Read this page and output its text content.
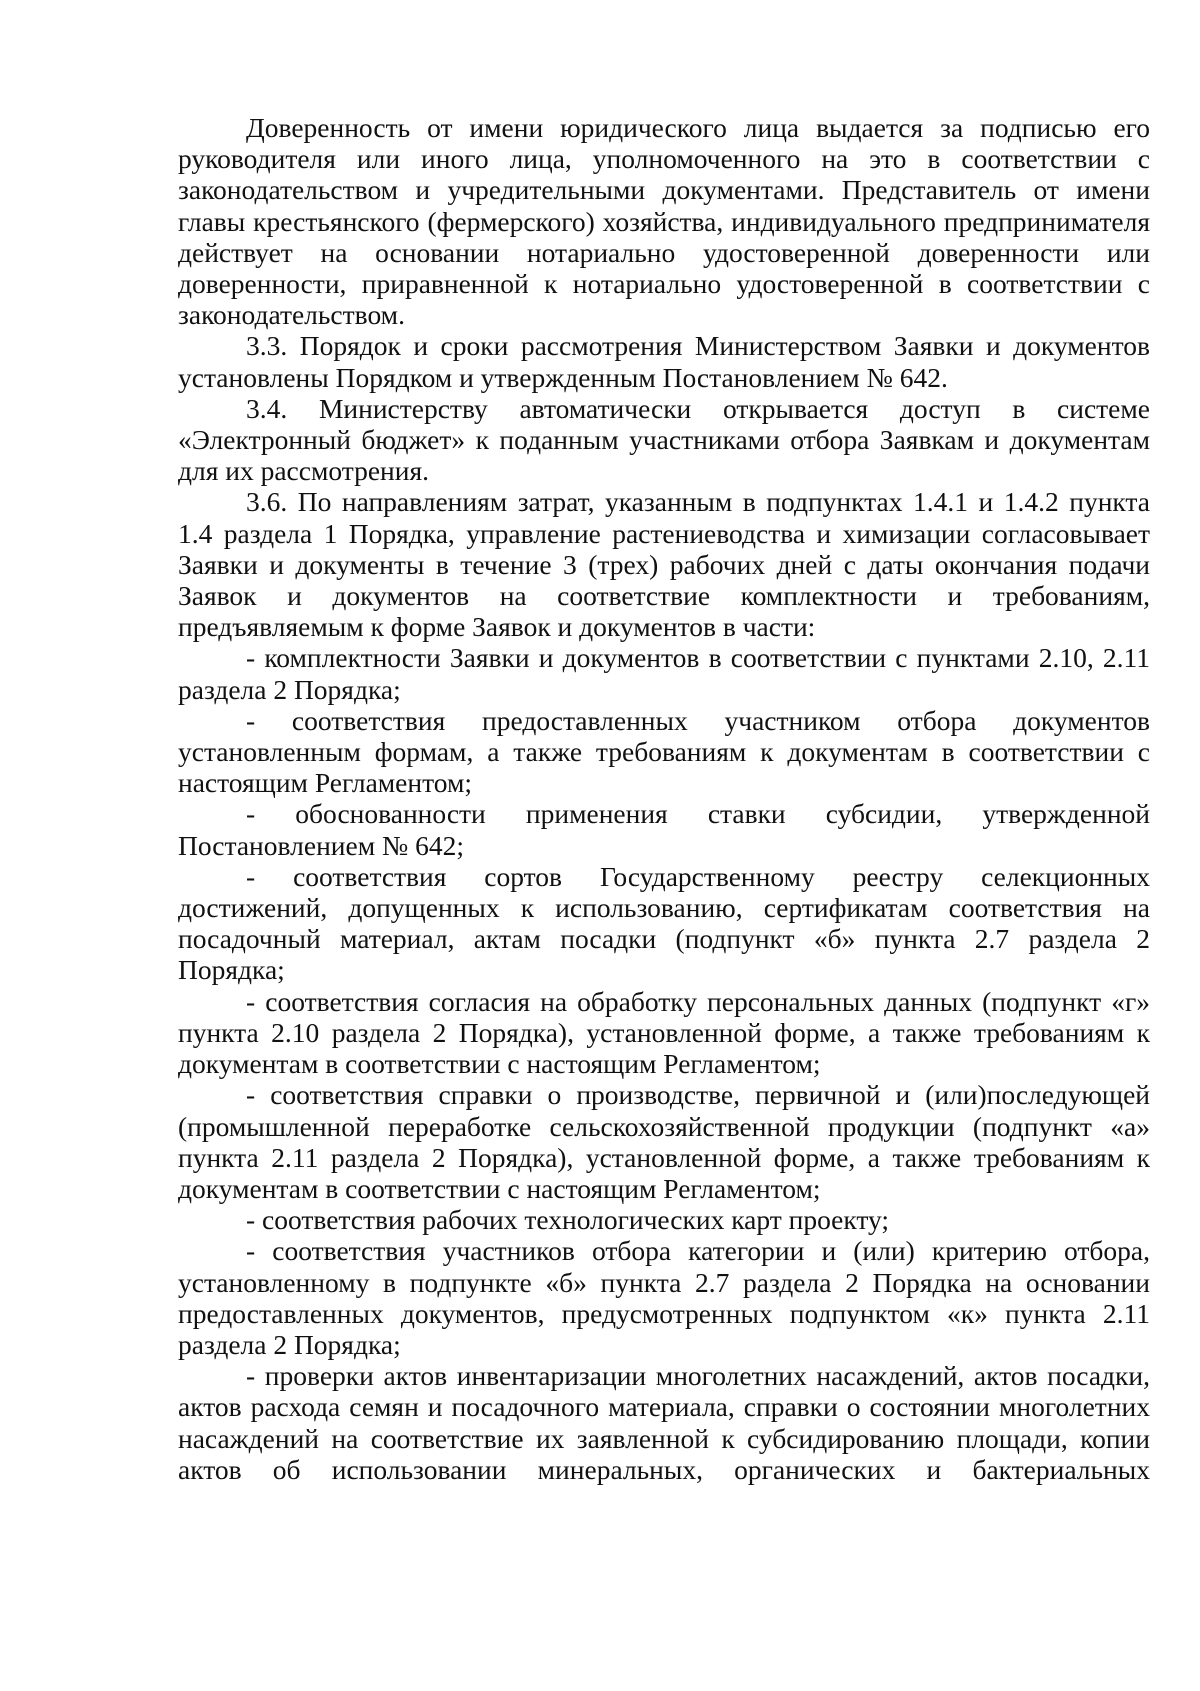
Доверенность от имени юридического лица выдается за подписью его руководителя или иного лица, уполномоченного на это в соответствии с законодательством и учредительными документами. Представитель от имени главы крестьянского (фермерского) хозяйства, индивидуального предпринимателя действует на основании нотариально удостоверенной доверенности или доверенности, приравненной к нотариально удостоверенной в соответствии с законодательством.

3.3. Порядок и сроки рассмотрения Министерством Заявки и документов установлены Порядком и утвержденным Постановлением № 642.

3.4. Министерству автоматически открывается доступ в системе «Электронный бюджет» к поданным участниками отбора Заявкам и документам для их рассмотрения.

3.6. По направлениям затрат, указанным в подпунктах 1.4.1 и 1.4.2 пункта 1.4 раздела 1 Порядка, управление растениеводства и химизации согласовывает Заявки и документы в течение 3 (трех) рабочих дней с даты окончания подачи Заявок и документов на соответствие комплектности и требованиям, предъявляемым к форме Заявок и документов в части:

- комплектности Заявки и документов в соответствии с пунктами 2.10, 2.11 раздела 2 Порядка;

- соответствия предоставленных участником отбора документов установленным формам, а также требованиям к документам в соответствии с настоящим Регламентом;

- обоснованности применения ставки субсидии, утвержденной Постановлением № 642;

- соответствия сортов Государственному реестру селекционных достижений, допущенных к использованию, сертификатам соответствия на посадочный материал, актам посадки (подпункт «б» пункта 2.7 раздела 2 Порядка;

- соответствия согласия на обработку персональных данных (подпункт «г» пункта 2.10 раздела 2 Порядка), установленной форме, а также требованиям к документам в соответствии с настоящим Регламентом;

- соответствия справки о производстве, первичной и (или)последующей (промышленной переработке сельскохозяйственной продукции (подпункт «а» пункта 2.11 раздела 2 Порядка), установленной форме, а также требованиям к документам в соответствии с настоящим Регламентом;

- соответствия рабочих технологических карт проекту;

- соответствия участников отбора категории и (или) критерию отбора, установленному в подпункте «б» пункта 2.7 раздела 2 Порядка на основании предоставленных документов, предусмотренных подпунктом «к» пункта 2.11 раздела 2 Порядка;

- проверки актов инвентаризации многолетних насаждений, актов посадки, актов расхода семян и посадочного материала, справки о состоянии многолетних насаждений на соответствие их заявленной к субсидированию площади, копии актов об использовании минеральных, органических и бактериальных
